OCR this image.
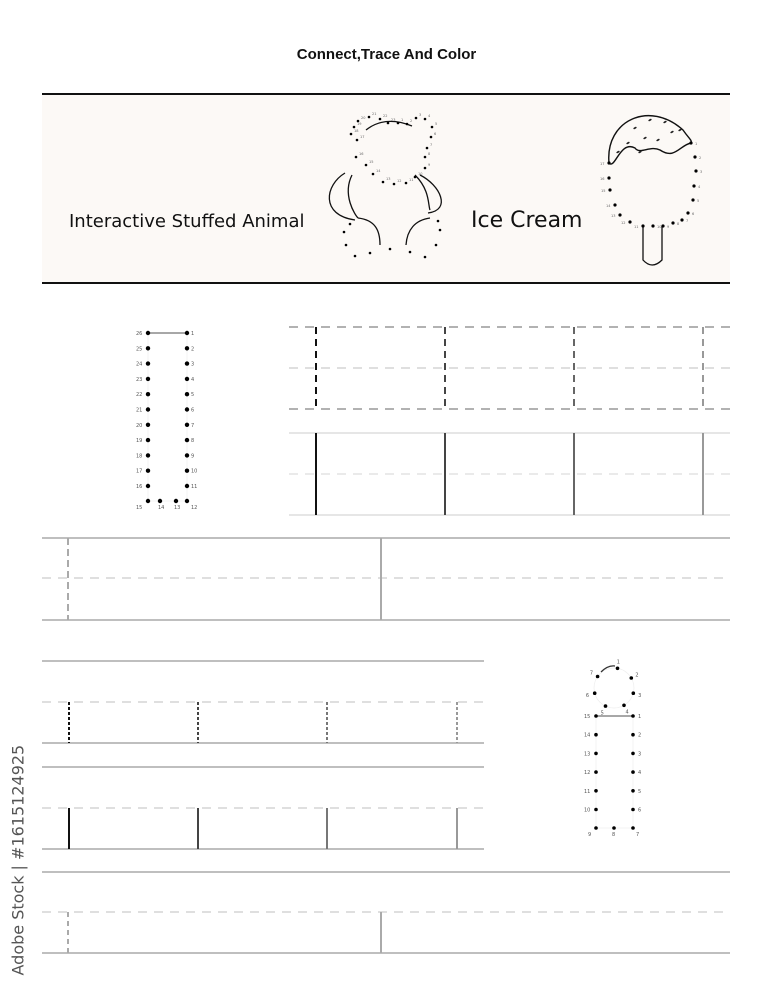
Connect,Trace And Color
1 2
3 4
5
6
7
8
9
10
11
12
13
14
15
16
17
18
19
20
21 22
23
1
2
3
4
5
6
7
8
9
10
11
12
13
14
15
16
17
1
2
3
4
5
6
7
8
9
10
11
12
13
14
15
16
17
18
19
20
21
22
23
24
25
26
1
2
3
4
5
6
7
1
2
3
4
5
6
7
8
9
10
11
12
13
14
15
Interactive Stuffed Animal	Ice Cream
Adobe Stock | #1615124925
